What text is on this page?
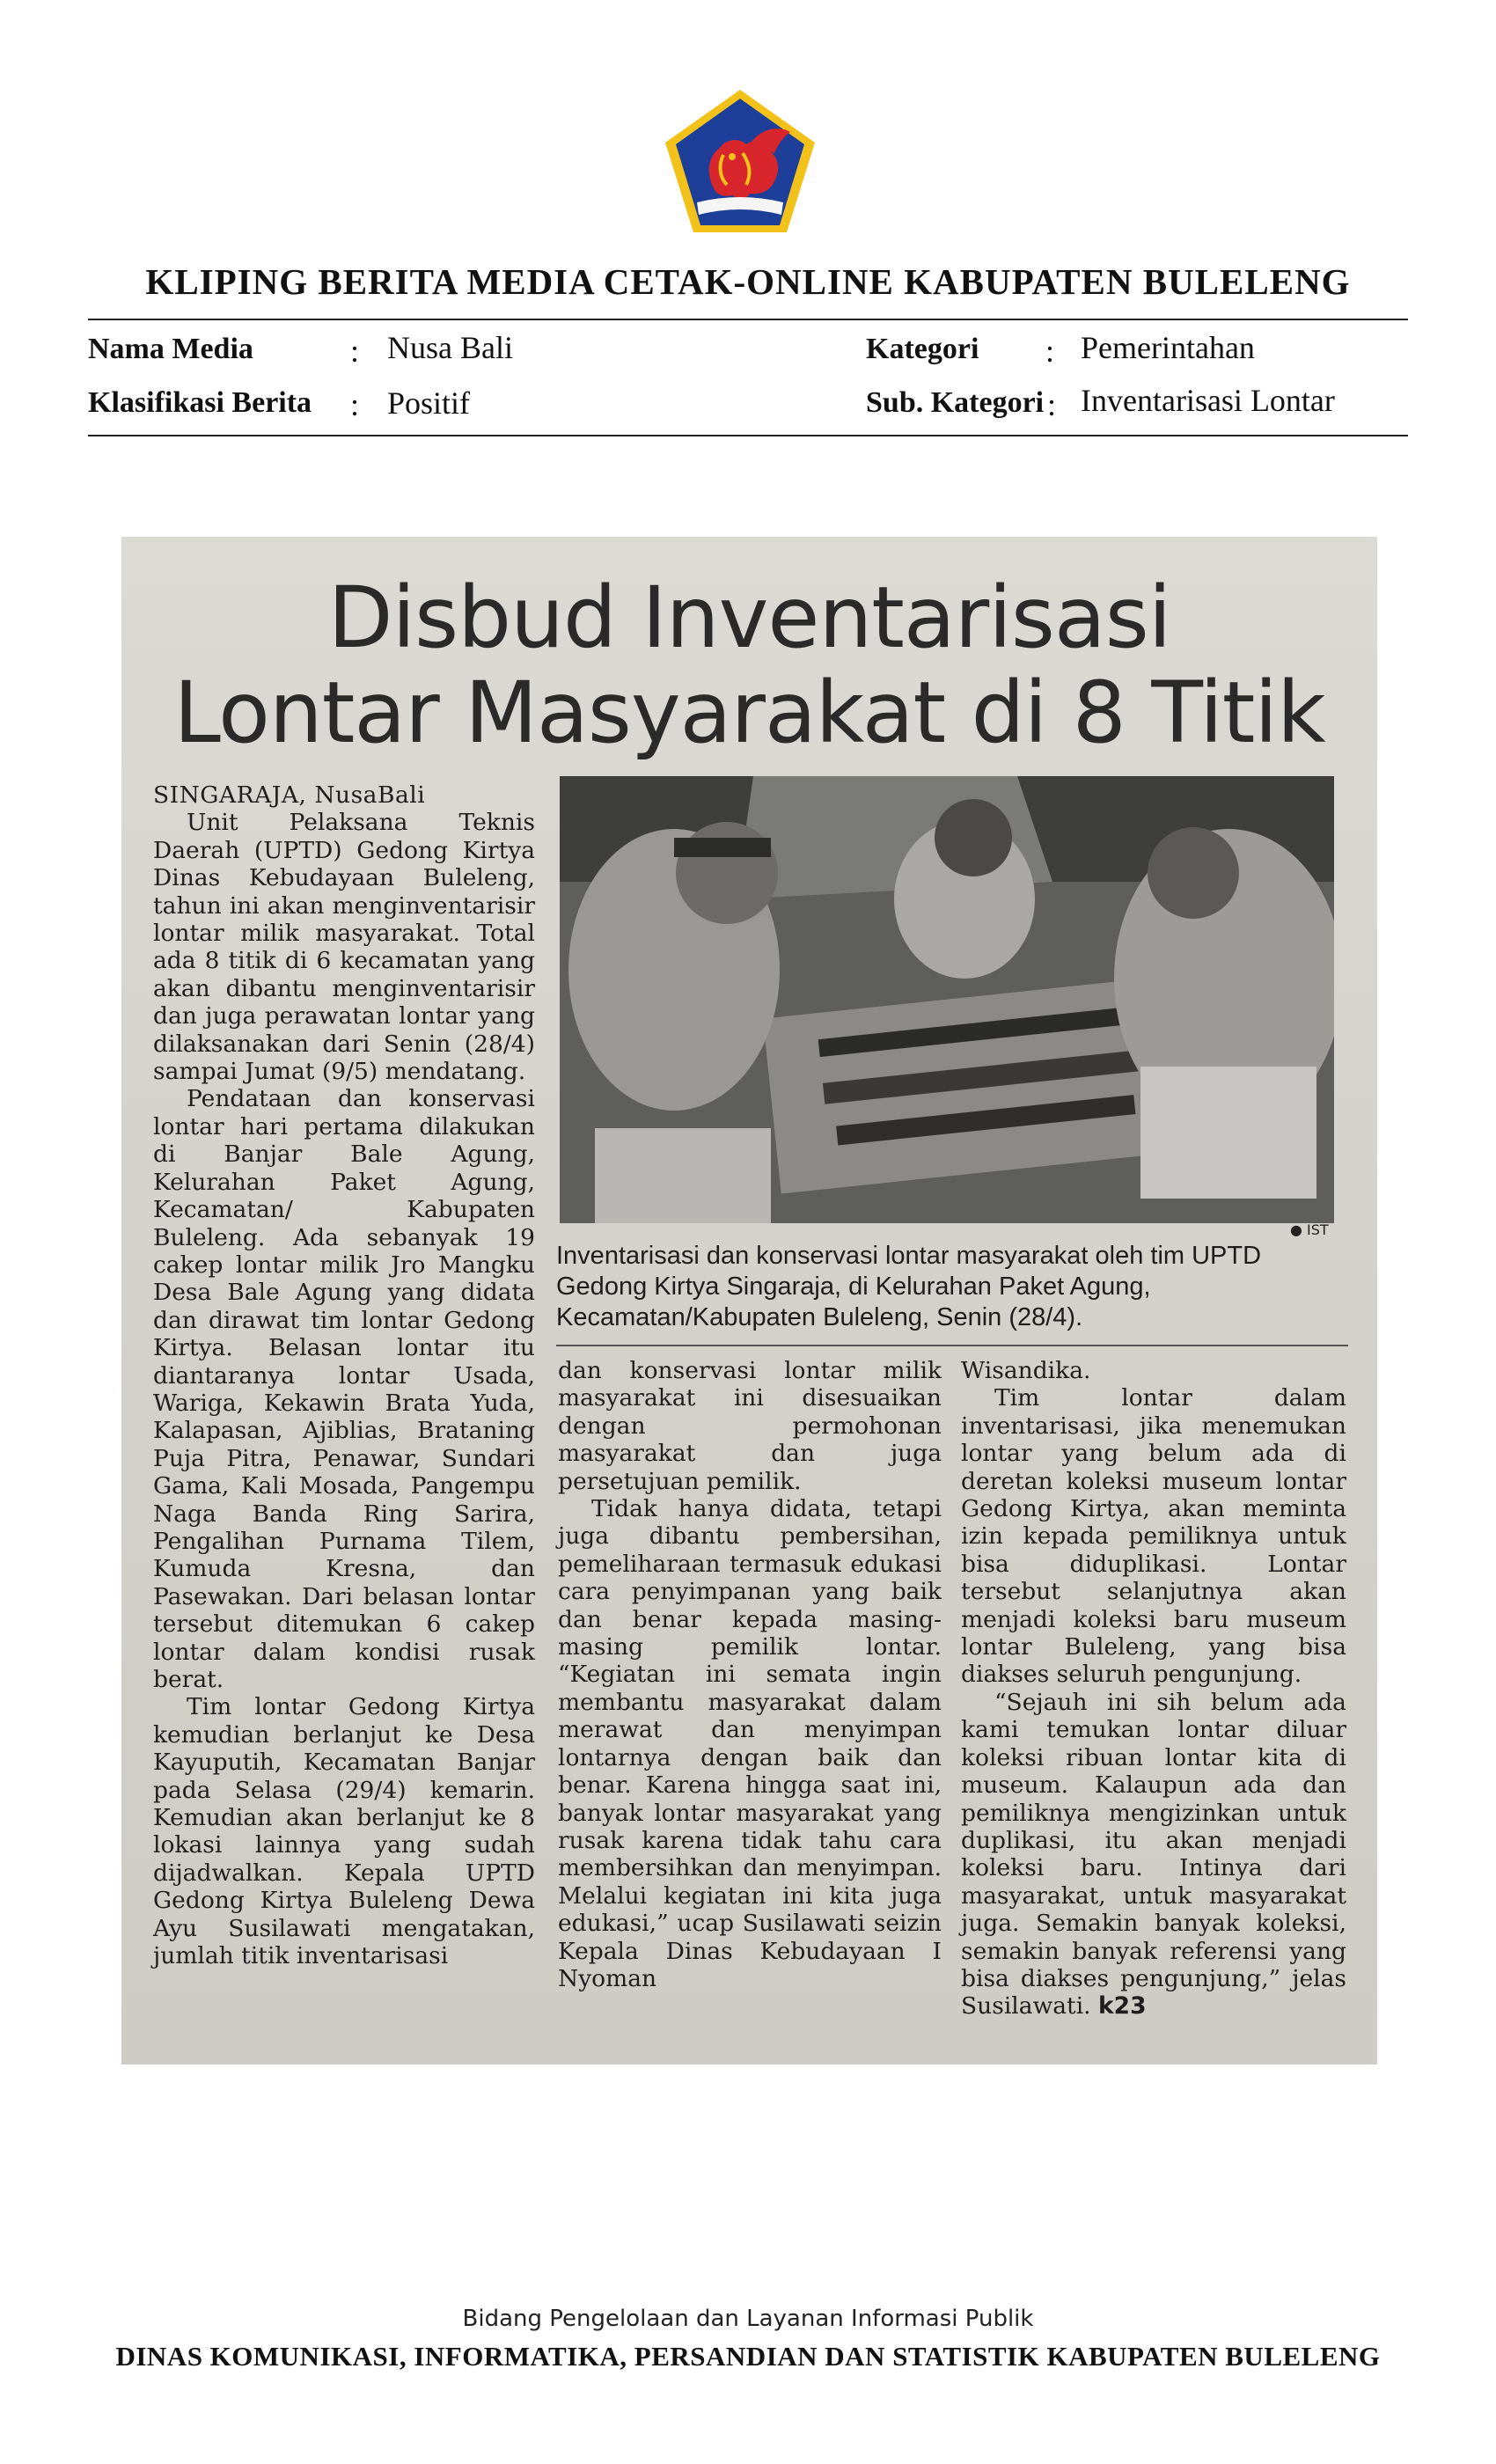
KLIPING BERITA MEDIA CETAK-ONLINE KABUPATEN BULELENG
Nama Media	: Nusa Bali
Klasifikasi Berita : Positif
Kategori : Pemerintahan
Sub. Kategori : Inventarisasi Lontar
Disbud Inventarisasi
Lontar Masyarakat di 8 Titik

SINGARAJA, NusaBali

Unit Pelaksana Teknis Daerah (UPTD) Gedong Kirtya Dinas Kebudayaan Buleleng, tahun ini akan menginventarisir lontar milik masyarakat. Total ada 8 titik di 6 kecamatan yang akan dibantu menginventarisir dan juga perawatan lontar yang dilaksanakan dari Senin (28/4) sampai Jumat (9/5) mendatang.

Pendataan dan konservasi lontar hari pertama dilakukan di Banjar Bale Agung, Kelurahan Paket Agung, Kecamatan/ Kabupaten Buleleng. Ada sebanyak 19 cakep lontar milik Jro Mangku Desa Bale Agung yang didata dan dirawat tim lontar Gedong Kirtya. Belasan lontar itu diantaranya lontar Usada, Wariga, Kekawin Brata Yuda, Kalapasan, Ajiblias, Brataning Puja Pitra, Penawar, Sundari Gama, Kali Mosada, Pangempu Naga Banda Ring Sarira, Pengalihan Purnama Tilem, Kumuda Kresna, dan Pasewakan. Dari belasan lontar tersebut ditemukan 6 cakep lontar dalam kondisi rusak berat.

Tim lontar Gedong Kirtya kemudian berlanjut ke Desa Kayuputih, Kecamatan Banjar pada Selasa (29/4) kemarin. Kemudian akan berlanjut ke 8 lokasi lainnya yang sudah dijadwalkan. Kepala UPTD Gedong Kirtya Buleleng Dewa Ayu Susilawati mengatakan, jumlah titik inventarisasi

● IST
Inventarisasi dan konservasi lontar masyarakat oleh tim UPTD Gedong Kirtya Singaraja, di Kelurahan Paket Agung, Kecamatan/Kabupaten Buleleng, Senin (28/4).

dan konservasi lontar milik masyarakat ini disesuaikan dengan permohonan masyarakat dan juga persetujuan pemilik.

Tidak hanya didata, tetapi juga dibantu pembersihan, pemeliharaan termasuk edukasi cara penyimpanan yang baik dan benar kepada masing-masing pemilik lontar. “Kegiatan ini semata ingin membantu masyarakat dalam merawat dan menyimpan lontarnya dengan baik dan benar. Karena hingga saat ini, banyak lontar masyarakat yang rusak karena tidak tahu cara membersihkan dan menyimpan. Melalui kegiatan ini kita juga edukasi,” ucap Susilawati seizin Kepala Dinas Kebudayaan I Nyoman

Wisandika.

Tim lontar dalam inventarisasi, jika menemukan lontar yang belum ada di deretan koleksi museum lontar Gedong Kirtya, akan meminta izin kepada pemiliknya untuk bisa diduplikasi. Lontar tersebut selanjutnya akan menjadi koleksi baru museum lontar Buleleng, yang bisa diakses seluruh pengunjung.

“Sejauh ini sih belum ada kami temukan lontar diluar koleksi ribuan lontar kita di museum. Kalaupun ada dan pemiliknya mengizinkan untuk duplikasi, itu akan menjadi koleksi baru. Intinya dari masyarakat, untuk masyarakat juga. Semakin banyak koleksi, semakin banyak referensi yang bisa diakses pengunjung,” jelas Susilawati. k23

Bidang Pengelolaan dan Layanan Informasi Publik
DINAS KOMUNIKASI, INFORMATIKA, PERSANDIAN DAN STATISTIK KABUPATEN BULELENG
